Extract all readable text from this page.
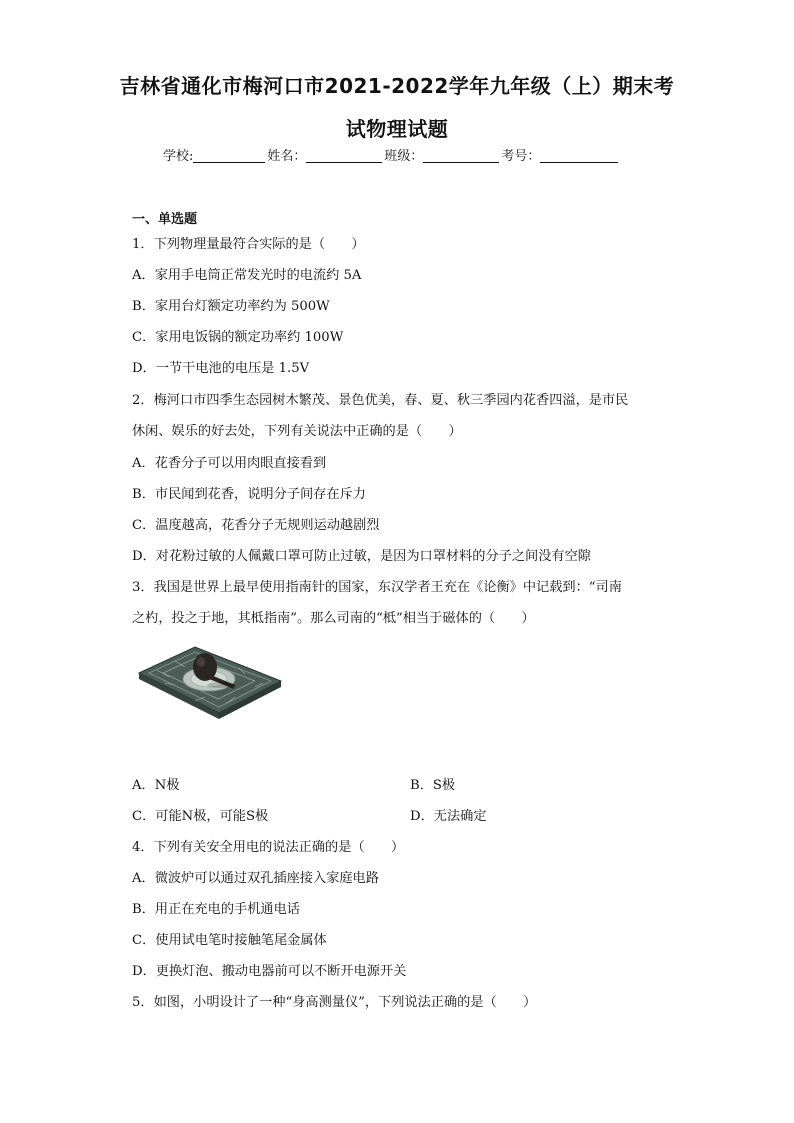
吉林省通化市梅河口市2021-2022学年九年级（上）期末考
试物理试题
学校:	姓名：	班级：	考号：
一、单选题
1．下列物理量最符合实际的是（　　）
A．家用手电筒正常发光时的电流约 5A
B．家用台灯额定功率约为 500W
C．家用电饭锅的额定功率约 100W
D．一节干电池的电压是 1.5V
2．梅河口市四季生态园树木繁茂、景色优美，春、夏、秋三季园内花香四溢，是市民
休闲、娱乐的好去处，下列有关说法中正确的是（　　）
A．花香分子可以用肉眼直接看到
B．市民闻到花香，说明分子间存在斥力
C．温度越高，花香分子无规则运动越剧烈
D．对花粉过敏的人佩戴口罩可防止过敏，是因为口罩材料的分子之间没有空隙
3．我国是世界上最早使用指南针的国家，东汉学者王充在《论衡》中记载到：“司南
之杓，投之于地，其柢指南”。那么司南的“柢”相当于磁体的（　　）
A．N极	B．S极
C．可能N极，可能S极	D．无法确定
4．下列有关安全用电的说法正确的是（　　）
A．微波炉可以通过双孔插座接入家庭电路
B．用正在充电的手机通电话
C．使用试电笔时接触笔尾金属体
D．更换灯泡、搬动电器前可以不断开电源开关
5．如图，小明设计了一种“身高测量仪”，下列说法正确的是（　　）
